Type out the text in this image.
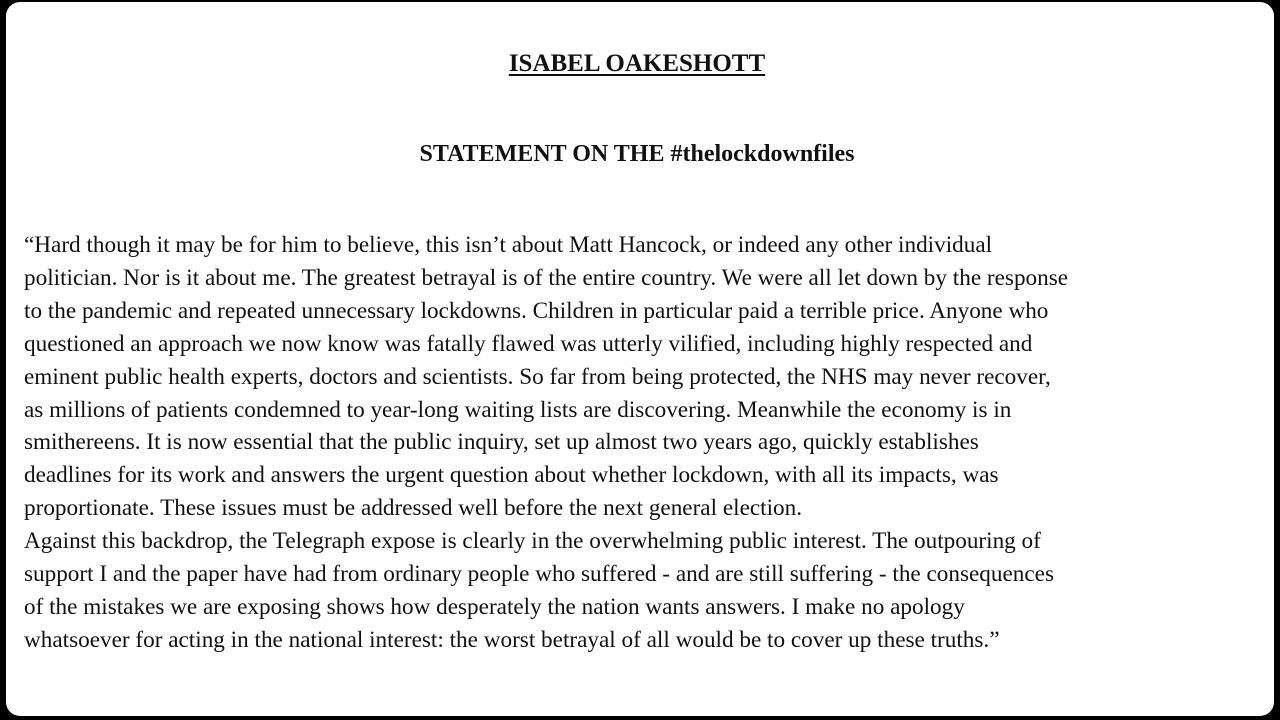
ISABEL OAKESHOTT
STATEMENT ON THE #thelockdownfiles

“Hard though it may be for him to believe, this isn’t about Matt Hancock, or indeed any other individual
politician. Nor is it about me. The greatest betrayal is of the entire country. We were all let down by the response
to the pandemic and repeated unnecessary lockdowns. Children in particular paid a terrible price. Anyone who
questioned an approach we now know was fatally flawed was utterly vilified, including highly respected and
eminent public health experts, doctors and scientists. So far from being protected, the NHS may never recover,
as millions of patients condemned to year-long waiting lists are discovering. Meanwhile the economy is in
smithereens. It is now essential that the public inquiry, set up almost two years ago, quickly establishes
deadlines for its work and answers the urgent question about whether lockdown, with all its impacts, was
proportionate. These issues must be addressed well before the next general election.

Against this backdrop, the Telegraph expose is clearly in the overwhelming public interest. The outpouring of
support I and the paper have had from ordinary people who suffered - and are still suffering - the consequences
of the mistakes we are exposing shows how desperately the nation wants answers. I make no apology
whatsoever for acting in the national interest: the worst betrayal of all would be to cover up these truths.”
